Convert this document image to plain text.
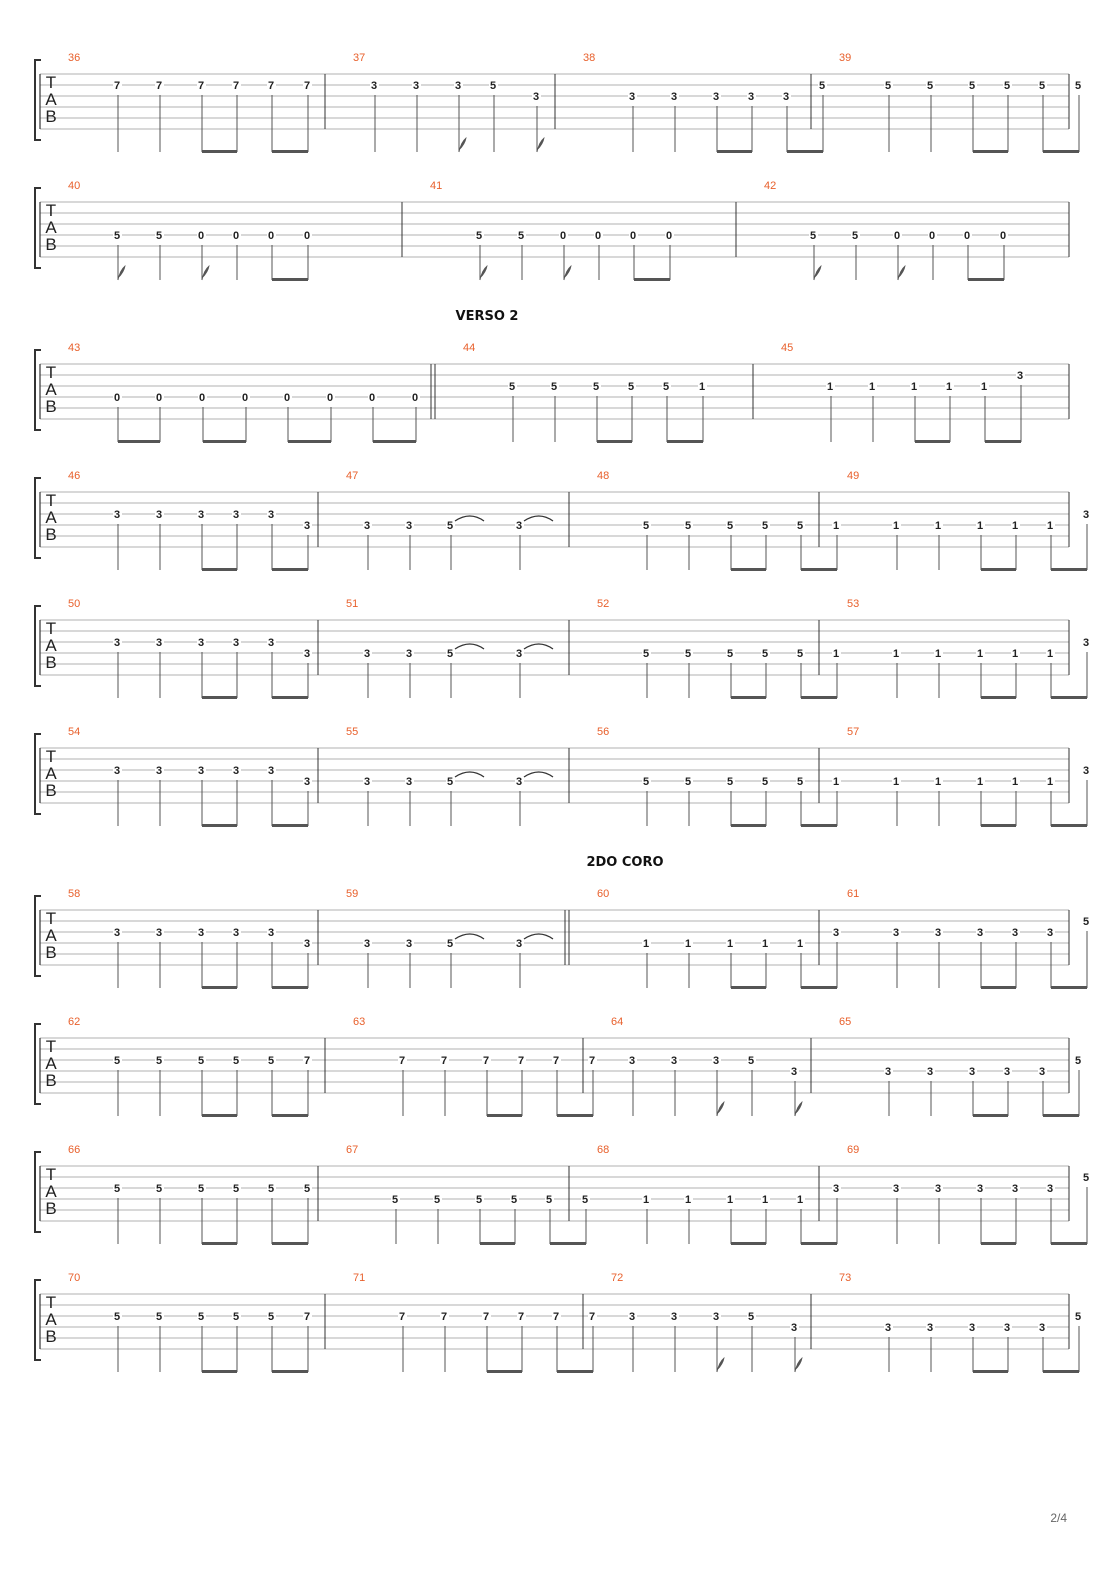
T
A
B
36
7	7	7	7	7	7
37
3	3	3	5
3
38
3	3	3	3	3
5
39
5	5	5	5	5	5
T
A
B
40
5	5	0	0	0	0
41
5	5	0	0	0	0
42
5	5	0	0	0	0
VERSO 2
T
A
B
43
0	0	0	0	0	0	0	0
44
5	5	5	5	5	1
45
1	1	1	1	1
3
T
A
B
46
3	3	3	3	3
3
47
3	3	5	3
48
5	5	5	5	5	1
49
1	1	1	1	1
3
T
A
B
50
3	3	3	3	3
3
51
3	3	5	3
52
5	5	5	5	5	1
53
1	1	1	1	1
3
T
A
B
54
3	3	3	3	3
3
55
3	3	5	3
56
5	5	5	5	5	1
57
1	1	1	1	1
3
2DO CORO
T
A
B
58
3	3	3	3	3
3
59
3	3	5	3
60
1	1	1	1	1
3
61
3	3	3	3	3
5
T
A
B
62
5	5	5	5	5	7
63
7	7	7	7	7	7
64
3	3	3	5
3
65
3	3	3	3	3
5
T
A
B
66
5	5	5	5	5	5
67
5	5	5	5	5	5
68
1	1	1	1	1
3
69
3	3	3	3	3
5
T
A
B
70
5	5	5	5	5	7
71
7	7	7	7	7	7
72
3	3	3	5
3
73
3	3	3	3	3
5
2/4
